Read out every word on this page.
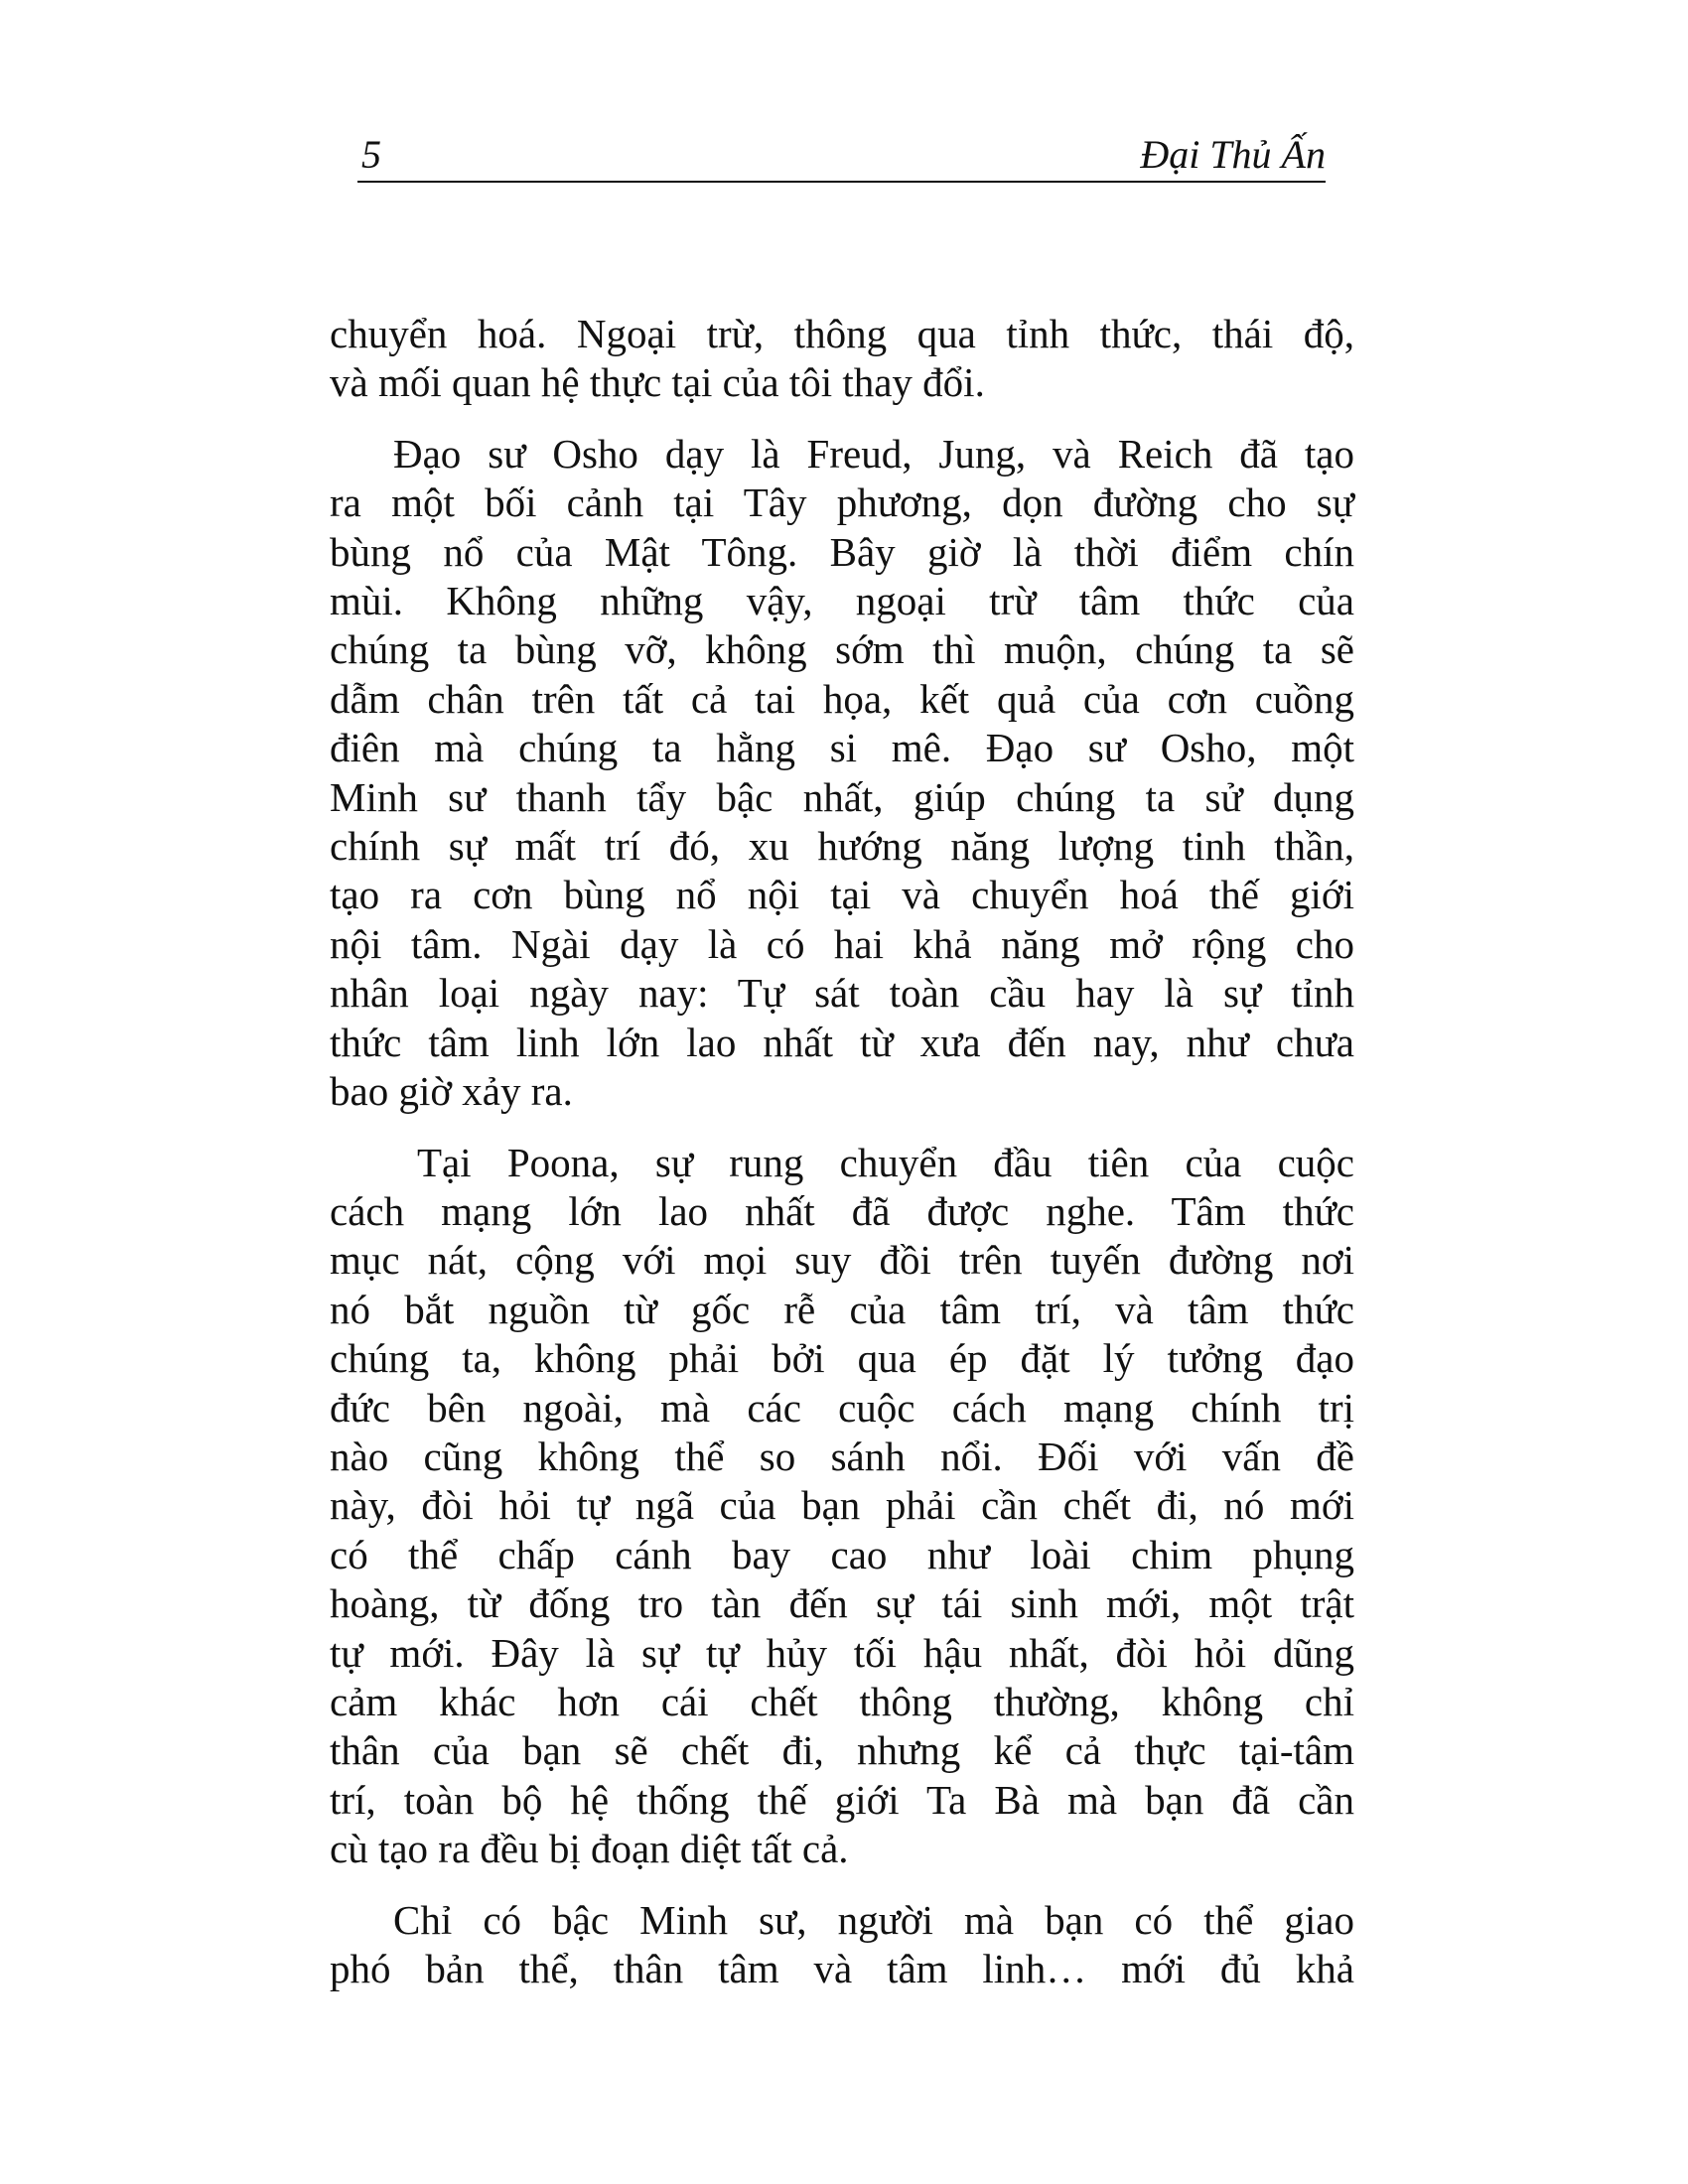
5	Đại Thủ Ấn
chuyển hoá. Ngoại trừ, thông qua tỉnh thức, thái độ,
và mối quan hệ thực tại của tôi thay đổi.
Đạo sư Osho dạy là Freud, Jung, và Reich đã tạo
ra một bối cảnh tại Tây phương, dọn đường cho sự
bùng nổ của Mật Tông. Bây giờ là thời điểm chín
mùi. Không những vậy, ngoại trừ tâm thức của
chúng ta bùng vỡ, không sớm thì muộn, chúng ta sẽ
dẫm chân trên tất cả tai họa, kết quả của cơn cuồng
điên mà chúng ta hằng si mê. Đạo sư Osho, một
Minh sư thanh tẩy bậc nhất, giúp chúng ta sử dụng
chính sự mất trí đó, xu hướng năng lượng tinh thần,
tạo ra cơn bùng nổ nội tại và chuyển hoá thế giới
nội tâm. Ngài dạy là có hai khả năng mở rộng cho
nhân loại ngày nay: Tự sát toàn cầu hay là sự tỉnh
thức tâm linh lớn lao nhất từ xưa đến nay, như chưa
bao giờ xảy ra.
Tại Poona, sự rung chuyển đầu tiên của cuộc
cách mạng lớn lao nhất đã được nghe. Tâm thức
mục nát, cộng với mọi suy đồi trên tuyến đường nơi
nó bắt nguồn từ gốc rễ của tâm trí, và tâm thức
chúng ta, không phải bởi qua ép đặt lý tưởng đạo
đức bên ngoài, mà các cuộc cách mạng chính trị
nào cũng không thể so sánh nổi. Đối với vấn đề
này, đòi hỏi tự ngã của bạn phải cần chết đi, nó mới
có thể chấp cánh bay cao như loài chim phụng
hoàng, từ đống tro tàn đến sự tái sinh mới, một trật
tự mới. Đây là sự tự hủy tối hậu nhất, đòi hỏi dũng
cảm khác hơn cái chết thông thường, không chỉ
thân của bạn sẽ chết đi, nhưng kể cả thực tại-tâm
trí, toàn bộ hệ thống thế giới Ta Bà mà bạn đã cần
cù tạo ra đều bị đoạn diệt tất cả.
Chỉ có bậc Minh sư, người mà bạn có thể giao
phó bản thể, thân tâm và tâm linh… mới đủ khả
